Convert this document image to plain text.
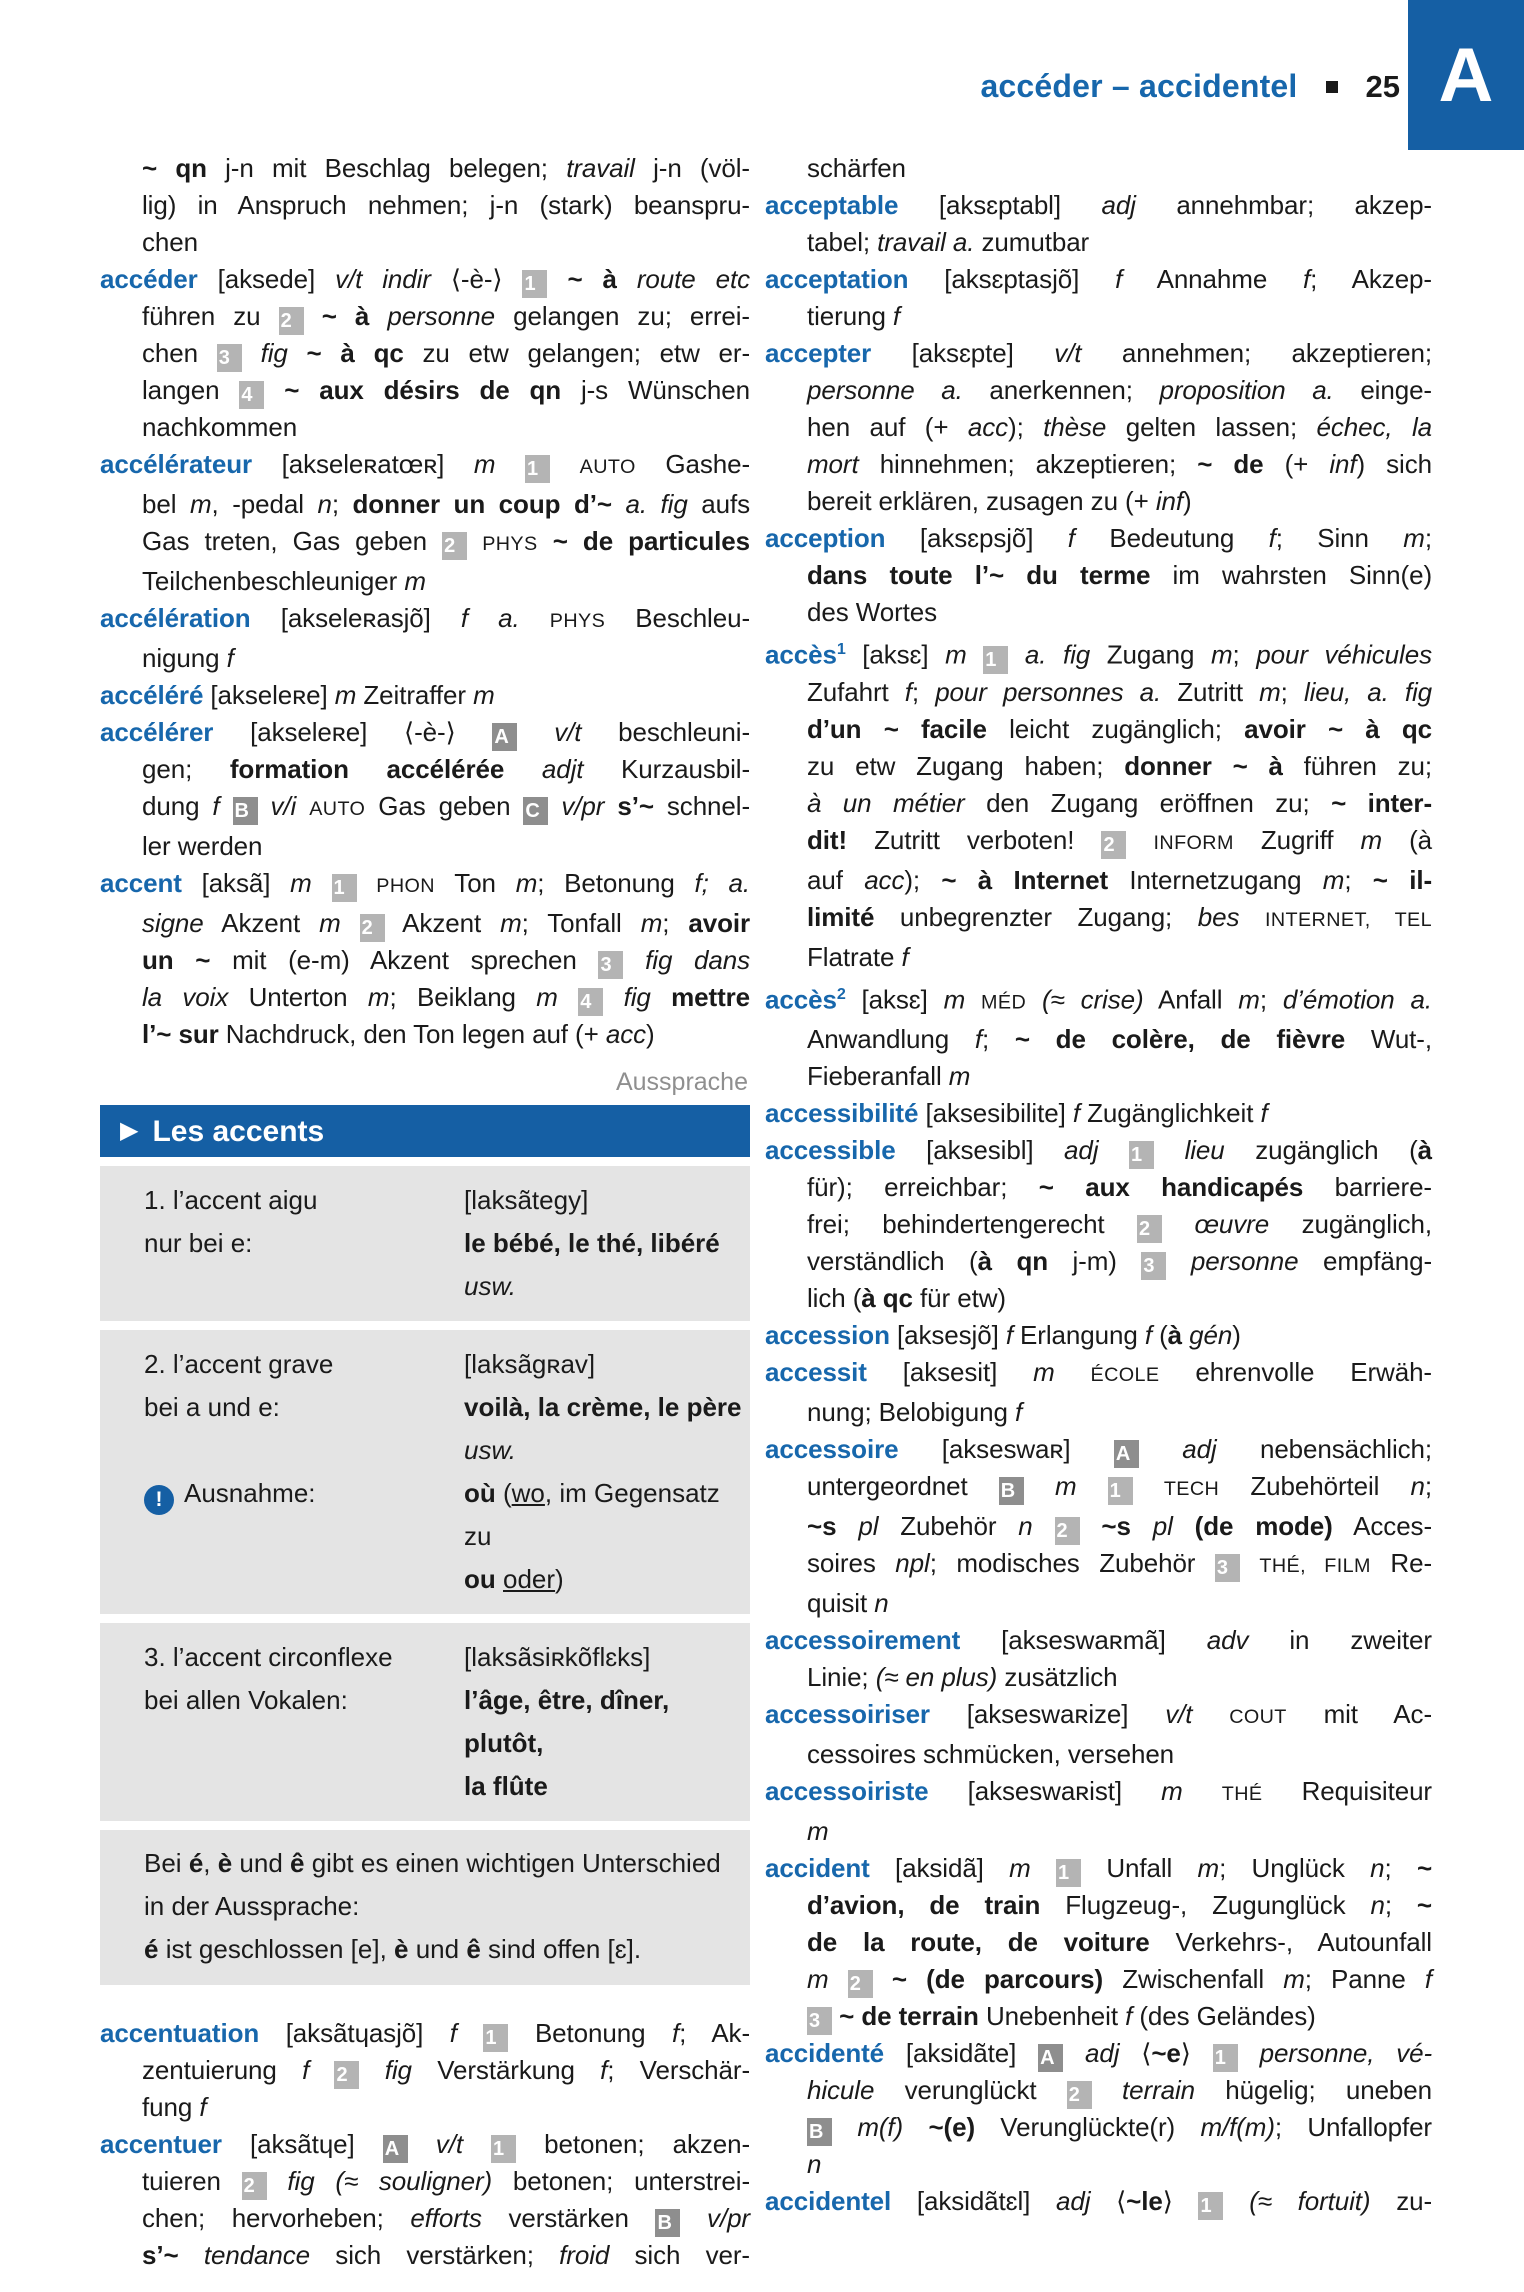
accéder – accidentel 25 A
~ qn j-n mit Beschlag belegen; travail j-n (völ-
lig) in Anspruch nehmen; j-n (stark) beanspru-
chen
accéder [aksede] v/t indir ⟨-è-⟩ 1 ~ à route etc
führen zu 2 ~ à personne gelangen zu; errei-
chen 3 fig ~ à qc zu etw gelangen; etw er-
langen 4 ~ aux désirs de qn j-s Wünschen
nachkommen
accélérateur [akseleʀatœʀ] m 1 AUTO Gashe-
bel m, -pedal n; donner un coup d’~ a. fig aufs
Gas treten, Gas geben 2 PHYS ~ de particules
Teilchenbeschleuniger m
accélération [akseleʀasjõ] f a. PHYS Beschleu-
nigung f
accéléré [akseleʀe] m Zeitraffer m
accélérer [akseleʀe] ⟨-è-⟩ A v/t beschleuni-
gen; formation accélérée adjt Kurzausbil-
dung f B v/i AUTO Gas geben C v/pr s’~ schnel-
ler werden
accent [aksã] m 1 PHON Ton m; Betonung f; a.
signe Akzent m 2 Akzent m; Tonfall m; avoir
un ~ mit (e-m) Akzent sprechen 3 fig dans
la voix Unterton m; Beiklang m 4 fig mettre
l’~ sur Nachdruck, den Ton legen auf (+ acc)
Aussprache
▶ Les accents
1. l’accent aigu
nur bei e:
[laksãtegy]
le bébé, le thé, libéré
usw.
2. l’accent grave
bei a und e:

! Ausnahme:
[laksãgʀav]
voilà, la crème, le père
usw.
où (wo, im Gegensatz zu
ou oder)
3. l’accent circonflexe
bei allen Vokalen:
[laksãsiʀkõflɛks]
l’âge, être, dîner, plutôt,
la flûte
Bei é, è und ê gibt es einen wichtigen Unterschied
in der Aussprache:
é ist geschlossen [e], è und ê sind offen [ɛ].
accentuation [aksãtɥasjõ] f 1 Betonung f; Ak-
zentuierung f 2 fig Verstärkung f; Verschär-
fung f
accentuer [aksãtɥe] A v/t 1 betonen; akzen-
tuieren 2 fig (≈ souligner) betonen; unterstrei-
chen; hervorheben; efforts verstärken B v/pr
s’~ tendance sich verstärken; froid sich ver-
schärfen
acceptable [aksɛptabl] adj annehmbar; akzep-
tabel; travail a. zumutbar
acceptation [aksɛptasjõ] f Annahme f; Akzep-
tierung f
accepter [aksɛpte] v/t annehmen; akzeptieren;
personne a. anerkennen; proposition a. einge-
hen auf (+ acc); thèse gelten lassen; échec, la
mort hinnehmen; akzeptieren; ~ de (+ inf) sich
bereit erklären, zusagen zu (+ inf)
acception [aksɛpsjõ] f Bedeutung f; Sinn m;
dans toute l’~ du terme im wahrsten Sinn(e)
des Wortes
accès$^1$ [aksɛ] m 1 a. fig Zugang m; pour véhicules
Zufahrt f; pour personnes a. Zutritt m; lieu, a. fig
d’un ~ facile leicht zugänglich; avoir ~ à qc
zu etw Zugang haben; donner ~ à führen zu;
à un métier den Zugang eröffnen zu; ~ inter-
dit! Zutritt verboten! 2 INFORM Zugriff m (à
auf acc); ~ à Internet Internetzugang m; ~ il-
limité unbegrenzter Zugang; bes INTERNET, TEL
Flatrate f
accès$^2$ [aksɛ] m MÉD (≈ crise) Anfall m; d’émotion a.
Anwandlung f; ~ de colère, de fièvre Wut-,
Fieberanfall m
accessibilité [aksesibilite] f Zugänglichkeit f
accessible [aksesibl] adj 1 lieu zugänglich (à
für); erreichbar; ~ aux handicapés barriere-
frei; behindertengerecht 2 œuvre zugänglich,
verständlich (à qn j-m) 3 personne empfäng-
lich (à qc für etw)
accession [aksesjõ] f Erlangung f (à gén)
accessit [aksesit] m ÉCOLE ehrenvolle Erwäh-
nung; Belobigung f
accessoire [akseswaʀ] A adj nebensächlich;
untergeordnet B m 1 TECH Zubehörteil n;
~s pl Zubehör n 2 ~s pl (de mode) Acces-
soires npl; modisches Zubehör 3 THÉ, FILM Re-
quisit n
accessoirement [akseswaʀmã] adv in zweiter
Linie; (≈ en plus) zusätzlich
accessoiriser [akseswaʀize] v/t COUT mit Ac-
cessoires schmücken, versehen
accessoiriste [akseswaʀist] m THÉ Requisiteur
m
accident [aksidã] m 1 Unfall m; Unglück n; ~
d’avion, de train Flugzeug-, Zugunglück n; ~
de la route, de voiture Verkehrs-, Autounfall
m 2 ~ (de parcours) Zwischenfall m; Panne f
3 ~ de terrain Unebenheit f (des Geländes)
accidenté [aksidãte] A adj ⟨~e⟩ 1 personne, vé-
hicule verunglückt 2 terrain hügelig; uneben
B m(f) ~(e) Verunglückte(r) m/f(m); Unfallopfer
n
accidentel [aksidãtɛl] adj ⟨~le⟩ 1 (≈ fortuit) zu-
